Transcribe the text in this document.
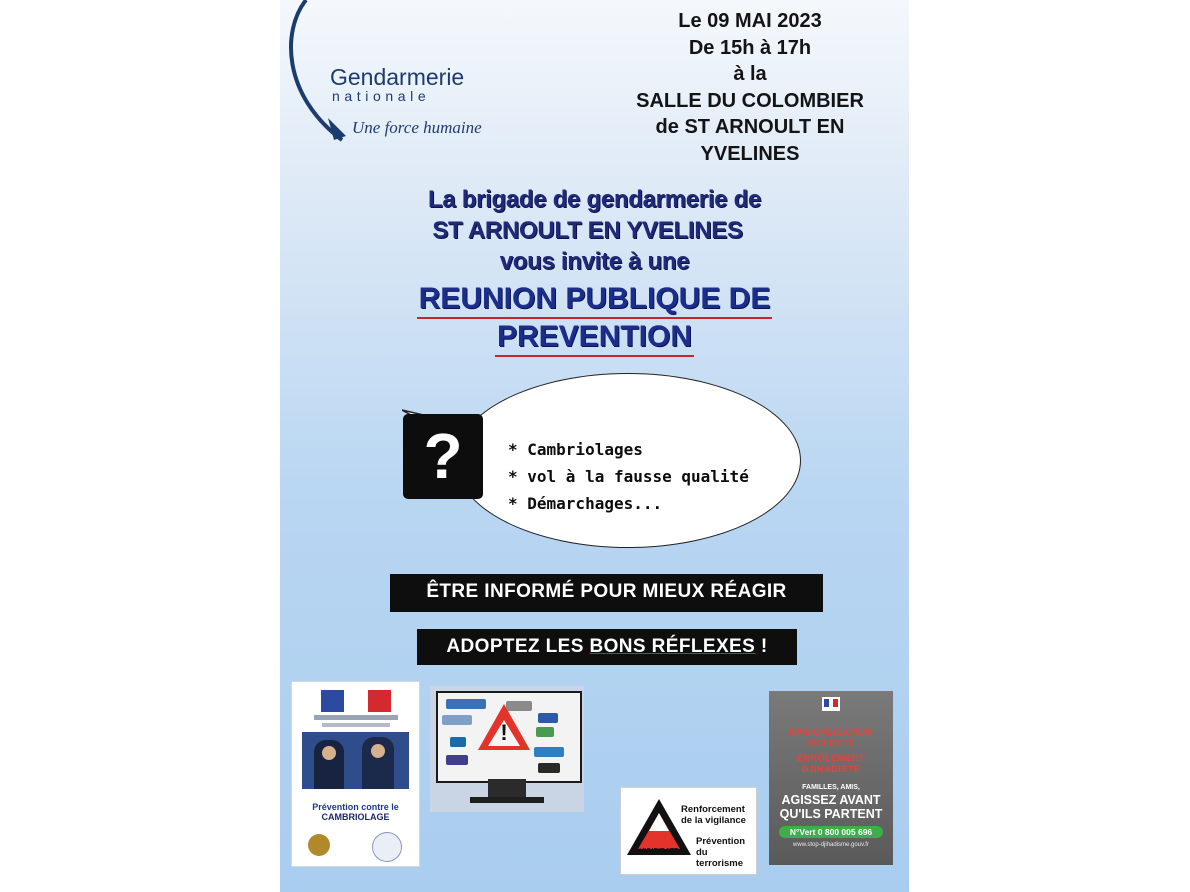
Gendarmerie
nationale
Une force humaine
Le 09 MAI 2023
De 15h à 17h
à la
SALLE DU COLOMBIER
de ST ARNOULT EN
YVELINES
La brigade de gendarmerie de
ST ARNOULT EN YVELINES
vous invite à une
REUNION PUBLIQUE DE
PREVENTION
?	* Cambriolages
* vol à la fausse qualité
* Démarchages...
ÊTRE INFORMÉ POUR MIEUX RÉAGIR
ADOPTEZ LES BONS RÉFLEXES !
Prévention contre le
CAMBRIOLAGE
!
VIGIPIRATE
Renforcement
de la vigilance
Prévention
du terrorisme
RADICALISATION
VIOLENTE
ENRÔLEMENT
DJIHADISTE
FAMILLES, AMIS,
AGISSEZ AVANT
QU'ILS PARTENT
N°Vert 0 800 005 696
www.stop-djihadisme.gouv.fr
